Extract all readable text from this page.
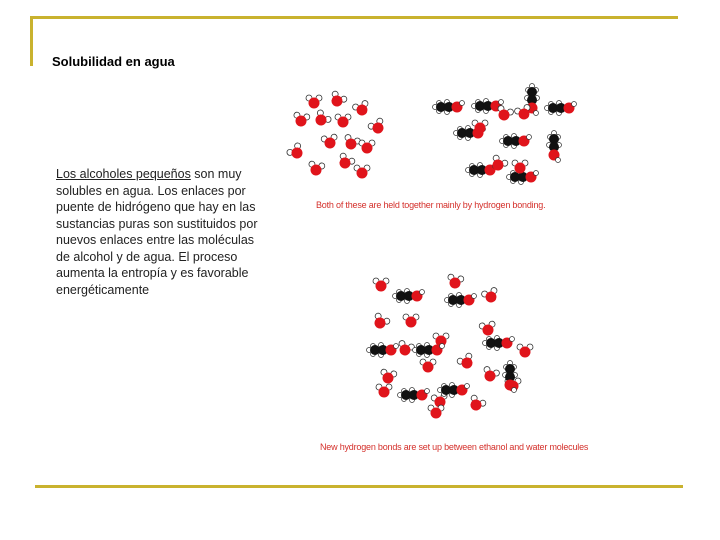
Solubilidad en agua
Los alcoholes pequeños son muy solubles en agua. Los enlaces por puente de hidrógeno que hay en las sustancias puras son sustituidos por nuevos enlaces entre las moléculas de alcohol y de agua. El proceso aumenta la entropía y es favorable energéticamente
Both of these are held together mainly by hydrogen bonding.
New hydrogen bonds are set up between ethanol and water molecules
